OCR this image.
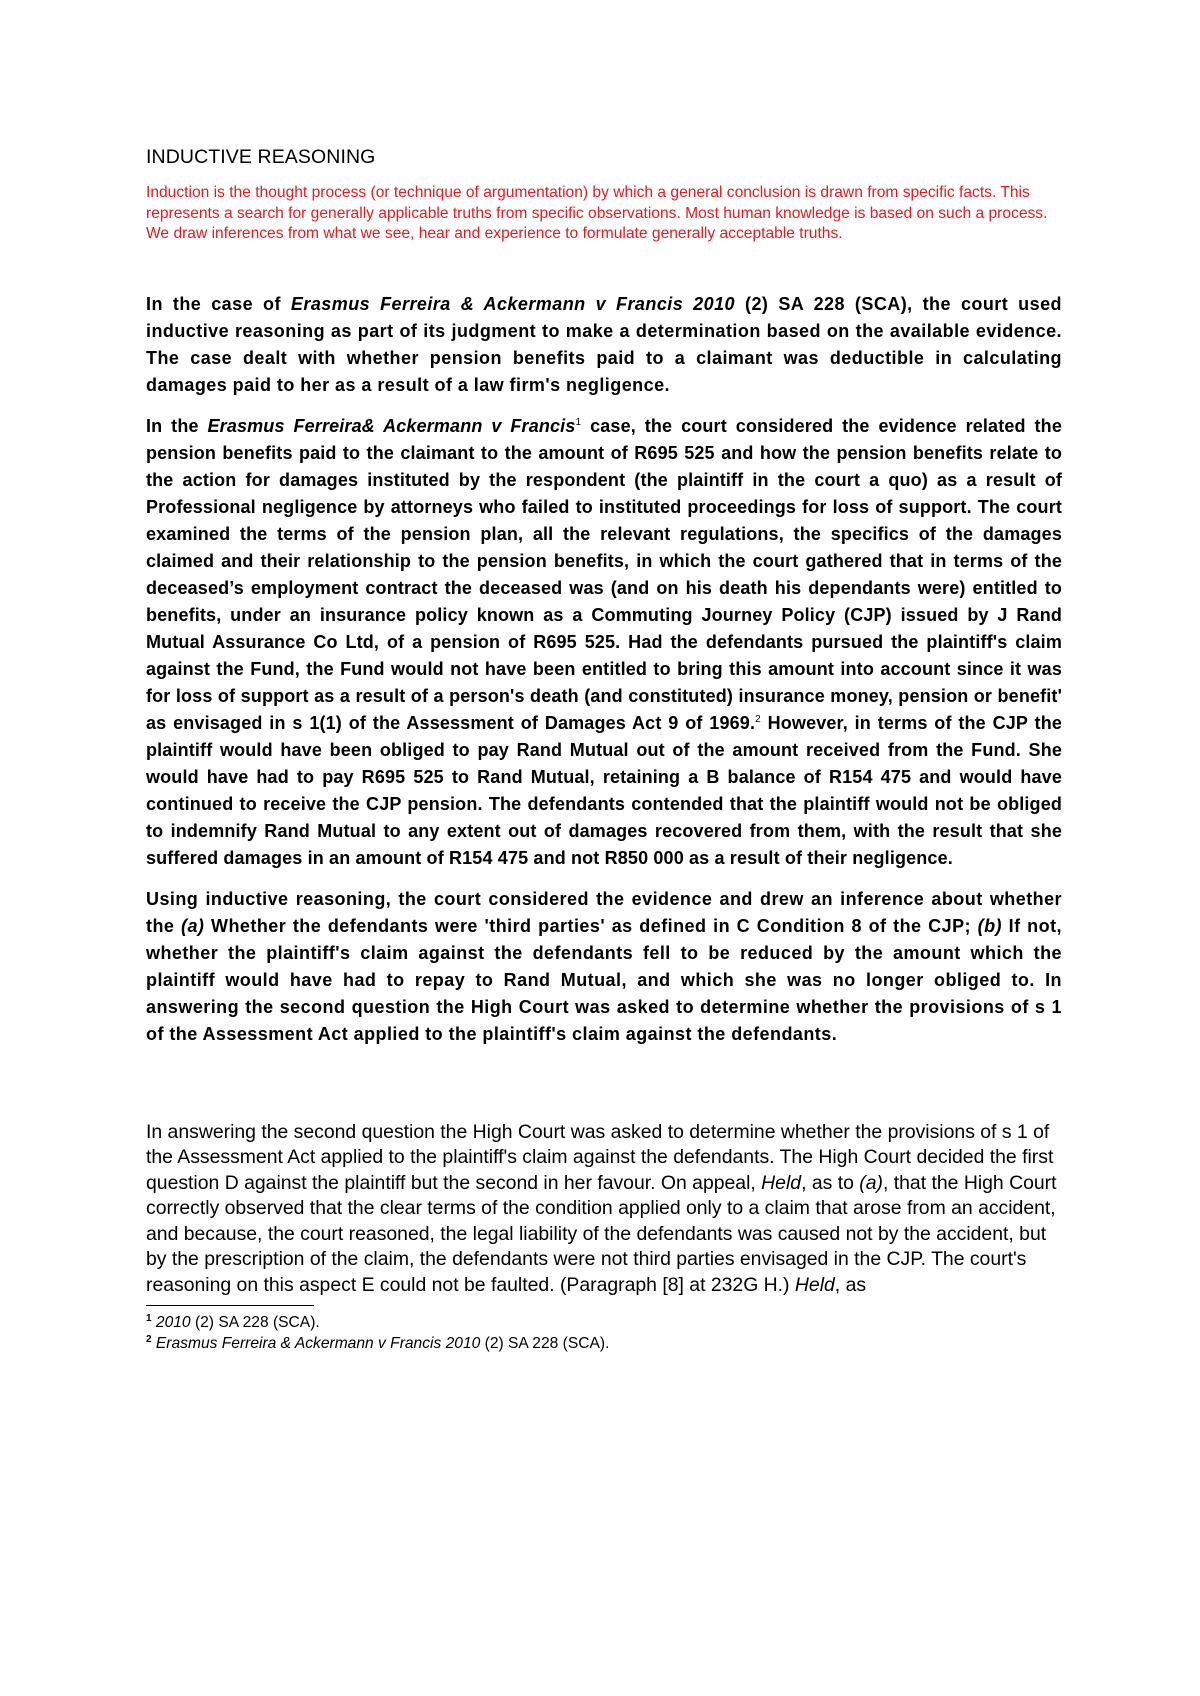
INDUCTIVE REASONING
Induction is the thought process (or technique of argumentation) by which a general conclusion is drawn from specific facts. This represents a search for generally applicable truths from specific observations. Most human knowledge is based on such a process. We draw inferences from what we see, hear and experience to formulate generally acceptable truths.

In the case of Erasmus Ferreira & Ackermann v Francis 2010 (2) SA 228 (SCA), the court used inductive reasoning as part of its judgment to make a determination based on the available evidence. The case dealt with whether pension benefits paid to a claimant was deductible in calculating damages paid to her as a result of a law firm's negligence.

In the Erasmus Ferreira& Ackermann v Francis$^1$ case, the court considered the evidence related the pension benefits paid to the claimant to the amount of R695 525 and how the pension benefits relate to the action for damages instituted by the respondent (the plaintiff in the court a quo) as a result of Professional negligence by attorneys who failed to instituted proceedings for loss of support. The court examined the terms of the pension plan, all the relevant regulations, the specifics of the damages claimed and their relationship to the pension benefits, in which the court gathered that in terms of the deceased’s employment contract the deceased was (and on his death his dependants were) entitled to benefits, under an insurance policy known as a Commuting Journey Policy (CJP) issued by J Rand Mutual Assurance Co Ltd, of a pension of R695 525. Had the defendants pursued the plaintiff's claim against the Fund, the Fund would not have been entitled to bring this amount into account since it was for loss of support as a result of a person's death (and constituted) insurance money, pension or benefit' as envisaged in s 1(1) of the Assessment of Damages Act 9 of 1969.$^2$ However, in terms of the CJP the plaintiff would have been obliged to pay Rand Mutual out of the amount received from the Fund. She would have had to pay R695 525 to Rand Mutual, retaining a B balance of R154 475 and would have continued to receive the CJP pension. The defendants contended that the plaintiff would not be obliged to indemnify Rand Mutual to any extent out of damages recovered from them, with the result that she suffered damages in an amount of R154 475 and not R850 000 as a result of their negligence.

Using inductive reasoning, the court considered the evidence and drew an inference about whether the (a) Whether the defendants were 'third parties' as defined in C Condition 8 of the CJP; (b) If not, whether the plaintiff's claim against the defendants fell to be reduced by the amount which the plaintiff would have had to repay to Rand Mutual, and which she was no longer obliged to. In answering the second question the High Court was asked to determine whether the provisions of s 1 of the Assessment Act applied to the plaintiff's claim against the defendants.

In answering the second question the High Court was asked to determine whether the provisions of s 1 of the Assessment Act applied to the plaintiff's claim against the defendants. The High Court decided the first question D against the plaintiff but the second in her favour. On appeal, Held, as to (a), that the High Court correctly observed that the clear terms of the condition applied only to a claim that arose from an accident, and because, the court reasoned, the legal liability of the defendants was caused not by the accident, but by the prescription of the claim, the defendants were not third parties envisaged in the CJP. The court's reasoning on this aspect E could not be faulted. (Paragraph [8] at 232G H.) Held, as

$^1$ 2010 (2) SA 228 (SCA).

$^2$ Erasmus Ferreira & Ackermann v Francis 2010 (2) SA 228 (SCA).
